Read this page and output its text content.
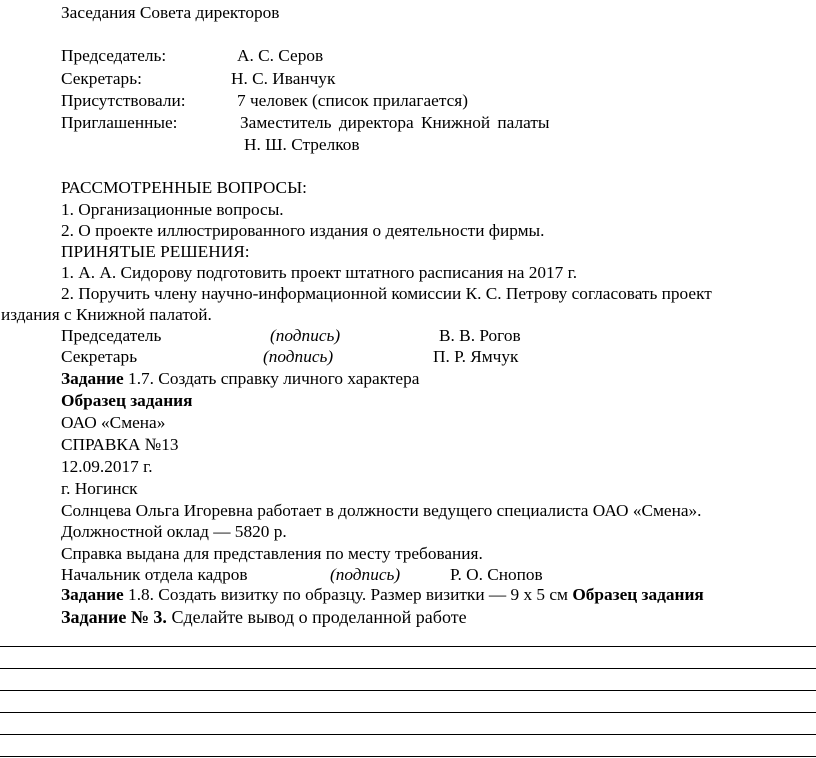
Заседания Совета директоров
Председатель:	А. С. Серов
Секретарь:	Н. С. Иванчук
Присутствовали:	7 человек (список прилагается)
Приглашенные:	Заместитель директора Книжной палаты
Н. Ш. Стрелков
РАССМОТРЕННЫЕ ВОПРОСЫ:
1. Организационные вопросы.
2. О проекте иллюстрированного издания о деятельности фирмы.
ПРИНЯТЫЕ РЕШЕНИЯ:
1. А. А. Сидорову подготовить проект штатного расписания на 2017 г.
2. Поручить члену научно-информационной комиссии К. С. Петрову согласовать проект
издания с Книжной палатой.
Председатель	(подпись)	В. В. Рогов
Секретарь	(подпись)	П. Р. Ямчук
Задание 1.7. Создать справку личного характера
Образец задания
ОАО «Смена»
СПРАВКА №13
12.09.2017 г.
г. Ногинск
Солнцева Ольга Игоревна работает в должности ведущего специалиста ОАО «Смена».
Должностной оклад — 5820 р.
Справка выдана для представления по месту требования.
Начальник отдела кадров	(подпись)	Р. О. Снопов
Задание 1.8. Создать визитку по образцу. Размер визитки — 9 х 5 см Образец задания
Задание № 3. Сделайте вывод о проделанной работе
